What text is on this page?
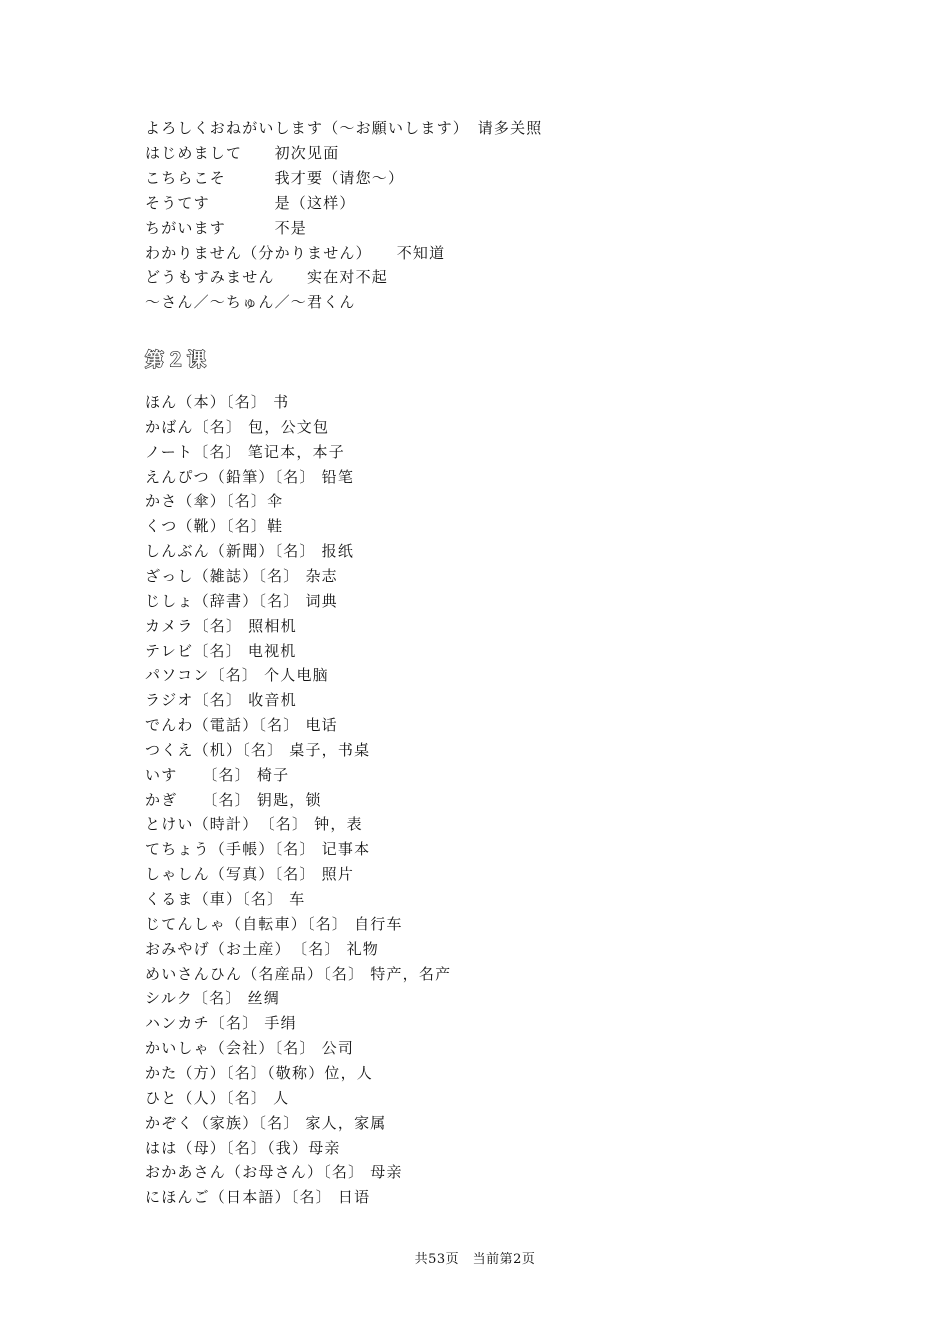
よろしくおねがいします（～お願いします）　请多关照
はじめまして　　初次见面
こちらこそ　　　我才要（请您～）
そうてす　　　　是（这样）
ちがいます　　　不是
わかりません（分かりません）　　不知道
どうもすみません　　实在对不起
～さん／～ちゅん／～君くん
第２课
ほん（本）〔名〕 书
かばん〔名〕 包，公文包
ノート〔名〕 笔记本，本子
えんぴつ（鉛筆）〔名〕 铅笔
かさ（傘）〔名〕伞
くつ（靴）〔名〕鞋
しんぶん（新聞）〔名〕 报纸
ざっし（雑誌）〔名〕 杂志
じしょ（辞書）〔名〕 词典
カメラ〔名〕 照相机
テレビ〔名〕 电视机
パソコン〔名〕 个人电脑
ラジオ〔名〕 收音机
でんわ（電話）〔名〕 电话
つくえ（机）〔名〕 桌子，书桌
いす　　〔名〕 椅子
かぎ　　〔名〕 钥匙，锁
とけい（時計）　〔名〕 钟，表
てちょう（手帳）〔名〕 记事本
しゃしん（写真）〔名〕 照片
くるま（車）〔名〕 车
じてんしゃ（自転車）〔名〕 自行车
おみやげ（お土産）　〔名〕 礼物
めいさんひん（名産品）〔名〕 特产，名产
シルク〔名〕 丝绸
ハンカチ〔名〕 手绢
かいしゃ（会社）〔名〕 公司
かた（方）〔名〕（敬称）位，人
ひと（人）〔名〕 人
かぞく（家族）〔名〕 家人，家属
はは（母）〔名〕（我）母亲
おかあさん（お母さん）〔名〕 母亲
にほんご（日本語）〔名〕 日语
共53页　当前第2页
